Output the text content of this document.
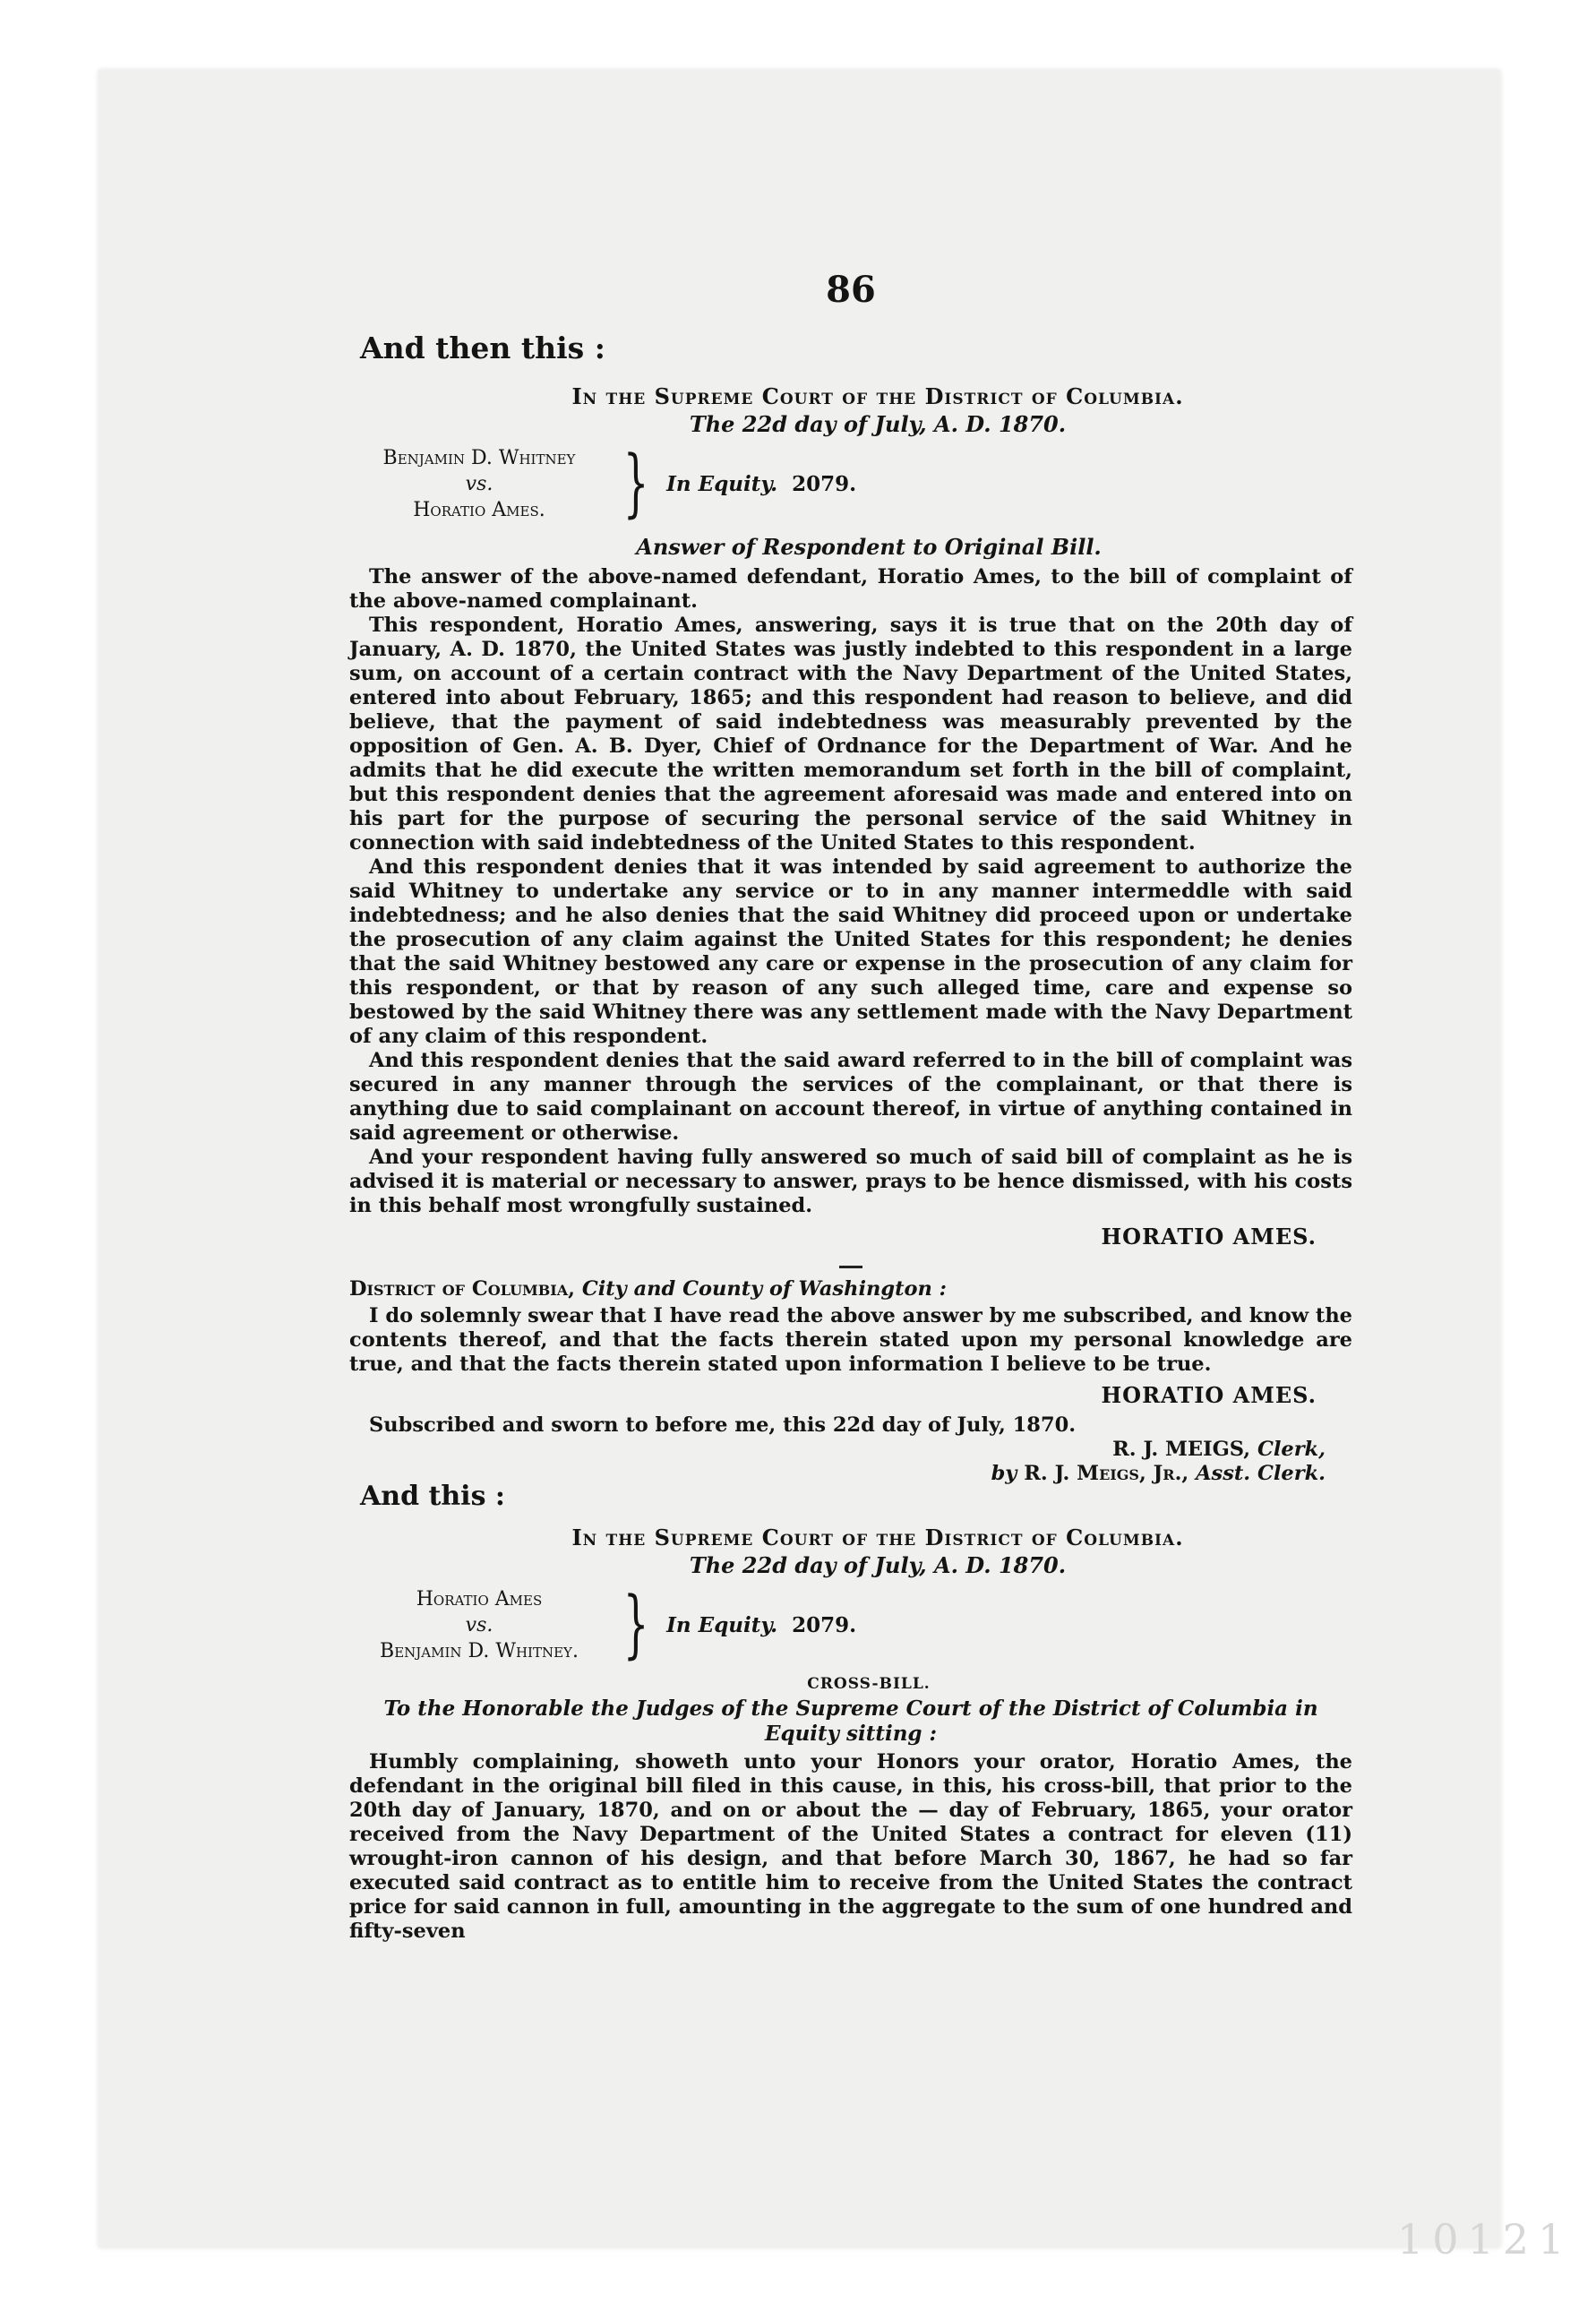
10121
86
And then this :
In the Supreme Court of the District of Columbia.
The 22d day of July, A. D. 1870.
Benjamin D. Whitney
vs.
Horatio Ames.	} In Equity. 2079.
Answer of Respondent to Original Bill.

The answer of the above-named defendant, Horatio Ames, to the bill of complaint of the above-named complainant.

This respondent, Horatio Ames, answering, says it is true that on the 20th day of January, A. D. 1870, the United States was justly indebted to this respondent in a large sum, on account of a certain contract with the Navy Department of the United States, entered into about February, 1865; and this respondent had reason to believe, and did believe, that the payment of said indebtedness was measurably prevented by the opposition of Gen. A. B. Dyer, Chief of Ordnance for the Department of War. And he admits that he did execute the written memorandum set forth in the bill of complaint, but this respondent denies that the agreement aforesaid was made and entered into on his part for the purpose of securing the personal service of the said Whitney in connection with said indebtedness of the United States to this respondent.

And this respondent denies that it was intended by said agreement to authorize the said Whitney to undertake any service or to in any manner intermeddle with said indebtedness; and he also denies that the said Whitney did proceed upon or undertake the prosecution of any claim against the United States for this respondent; he denies that the said Whitney bestowed any care or expense in the prosecution of any claim for this respondent, or that by reason of any such alleged time, care and expense so bestowed by the said Whitney there was any settlement made with the Navy Department of any claim of this respondent.

And this respondent denies that the said award referred to in the bill of complaint was secured in any manner through the services of the complainant, or that there is anything due to said complainant on account thereof, in virtue of anything contained in said agreement or otherwise.

And your respondent having fully answered so much of said bill of complaint as he is advised it is material or necessary to answer, prays to be hence dismissed, with his costs in this behalf most wrongfully sustained.

HORATIO AMES.
District of Columbia, City and County of Washington :

I do solemnly swear that I have read the above answer by me subscribed, and know the contents thereof, and that the facts therein stated upon my personal knowledge are true, and that the facts therein stated upon information I believe to be true.

HORATIO AMES.

Subscribed and sworn to before me, this 22d day of July, 1870.

R. J. MEIGS, Clerk,
by R. J. Meigs, Jr., Asst. Clerk.
And this :
In the Supreme Court of the District of Columbia.
The 22d day of July, A. D. 1870.
Horatio Ames
vs.
Benjamin D. Whitney. } In Equity. 2079.
CROSS-BILL.
To the Honorable the Judges of the Supreme Court of the District of Columbia in Equity sitting :

Humbly complaining, showeth unto your Honors your orator, Horatio Ames, the defendant in the original bill filed in this cause, in this, his cross-bill, that prior to the 20th day of January, 1870, and on or about the — day of February, 1865, your orator received from the Navy Department of the United States a contract for eleven (11) wrought-iron cannon of his design, and that before March 30, 1867, he had so far executed said contract as to entitle him to receive from the United States the contract price for said cannon in full, amounting in the aggregate to the sum of one hundred and fifty-seven
